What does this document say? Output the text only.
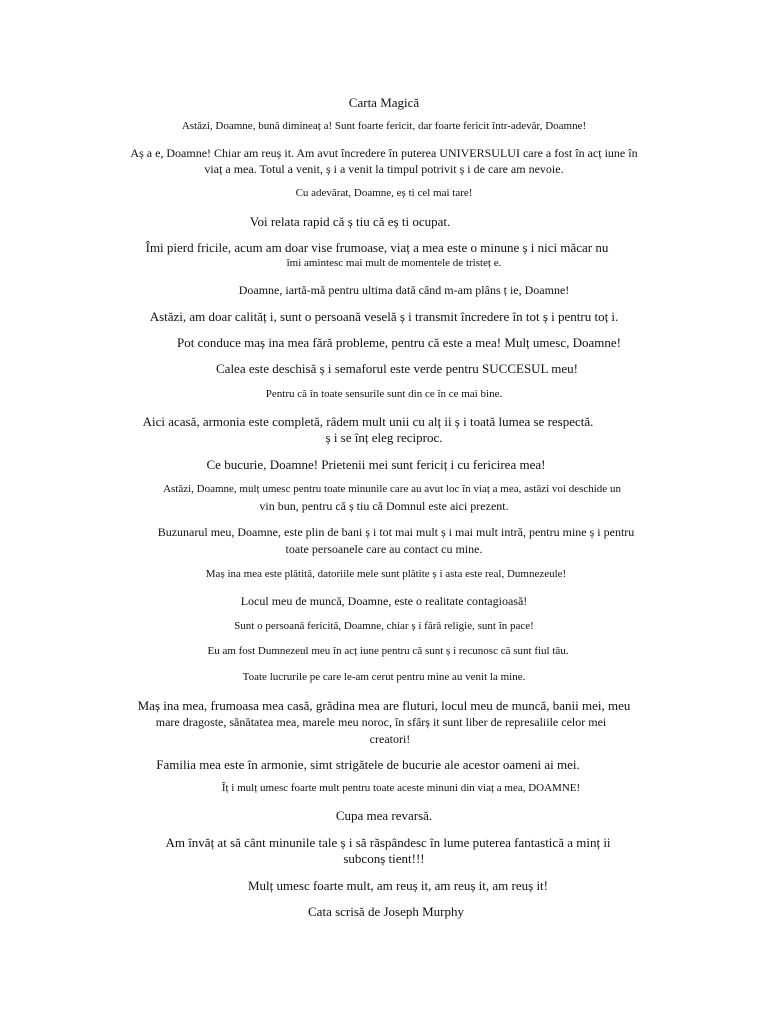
Carta Magică
Astăzi, Doamne, bună dimineaț a! Sunt foarte fericit, dar foarte fericit într-adevăr, Doamne!
Aș a e, Doamne! Chiar am reuș it. Am avut încredere în puterea UNIVERSULUI care a fost în acț iune în
viaț a mea. Totul a venit, ș i a venit la timpul potrivit ș i de care am nevoie.
Cu adevărat, Doamne, eș ti cel mai tare!
Voi relata rapid că ș tiu că eș ti ocupat.
Îmi pierd fricile, acum am doar vise frumoase, viaț a mea este o minune ș i nici măcar nu
îmi amintesc mai mult de momentele de tristeț e.
Doamne, iartă-mă pentru ultima dată când m-am plâns ț ie, Doamne!
Astăzi, am doar calităț i, sunt o persoană veselă ș i transmit încredere în tot ș i pentru toț i.
Pot conduce maș ina mea fără probleme, pentru că este a mea! Mulț umesc, Doamne!
Calea este deschisă ș i semaforul este verde pentru SUCCESUL meu!
Pentru că în toate sensurile sunt din ce în ce mai bine.
Aici acasă, armonia este completă, râdem mult unii cu alț ii ș i toată lumea se respectă.
ș i se înț eleg reciproc.
Ce bucurie, Doamne! Prietenii mei sunt fericiț i cu fericirea mea!
Astăzi, Doamne, mulț umesc pentru toate minunile care au avut loc în viaț a mea, astăzi voi deschide un
vin bun, pentru că ș tiu că Domnul este aici prezent.
Buzunarul meu, Doamne, este plin de bani ș i tot mai mult ș i mai mult intră, pentru mine ș i pentru
toate persoanele care au contact cu mine.
Maș ina mea este plătită, datoriile mele sunt plătite ș i asta este real, Dumnezeule!
Locul meu de muncă, Doamne, este o realitate contagioasă!
Sunt o persoană fericită, Doamne, chiar ș i fără religie, sunt în pace!
Eu am fost Dumnezeul meu în acț iune pentru că sunt ș i recunosc că sunt fiul tău.
Toate lucrurile pe care le-am cerut pentru mine au venit la mine.
Maș ina mea, frumoasa mea casă, grădina mea are fluturi, locul meu de muncă, banii mei, meu
mare dragoste, sănătatea mea, marele meu noroc, în sfârș it sunt liber de represaliile celor mei
creatori!
Familia mea este în armonie, simt strigătele de bucurie ale acestor oameni ai mei.
Îț i mulț umesc foarte mult pentru toate aceste minuni din viaț a mea, DOAMNE!
Cupa mea revarsă.
Am învăț at să cânt minunile tale ș i să răspândesc în lume puterea fantastică a minț ii
subconș tient!!!
Mulț umesc foarte mult, am reuș it, am reuș it, am reuș it!
Cata scrisă de Joseph Murphy
